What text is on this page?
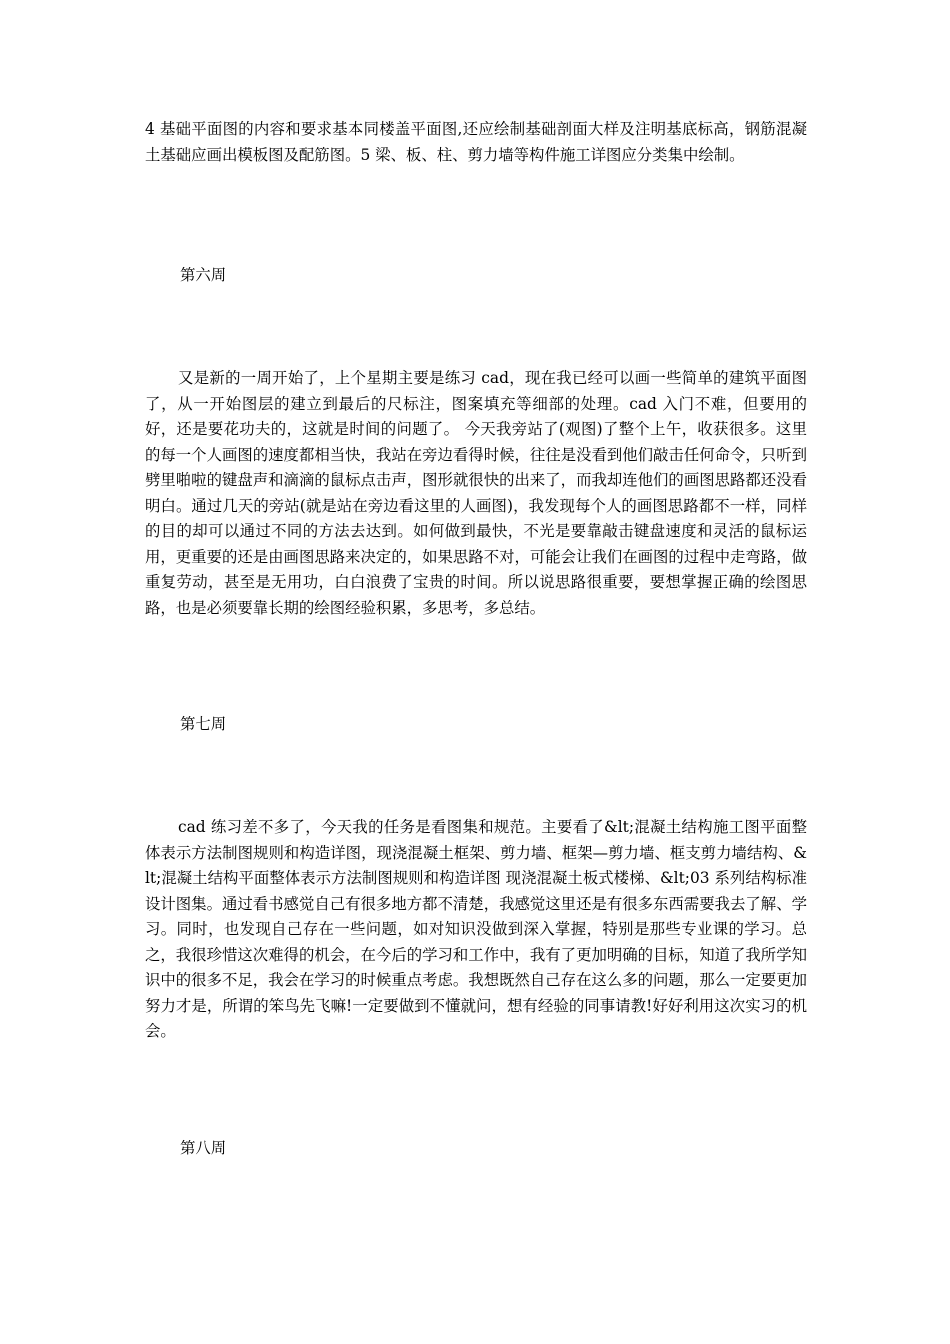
4 基础平面图的内容和要求基本同楼盖平面图,还应绘制基础剖面大样及注明基底标高，钢筋混凝土基础应画出模板图及配筋图。5 梁、板、柱、剪力墙等构件施工详图应分类集中绘制。

第六周

又是新的一周开始了，上个星期主要是练习 cad，现在我已经可以画一些简单的建筑平面图了，从一开始图层的建立到最后的尺标注，图案填充等细部的处理。cad 入门不难，但要用的好，还是要花功夫的，这就是时间的问题了。 今天我旁站了(观图)了整个上午，收获很多。这里的每一个人画图的速度都相当快，我站在旁边看得时候，往往是没看到他们敲击任何命令，只听到劈里啪啦的键盘声和滴滴的鼠标点击声，图形就很快的出来了，而我却连他们的画图思路都还没看明白。通过几天的旁站(就是站在旁边看这里的人画图)，我发现每个人的画图思路都不一样，同样的目的却可以通过不同的方法去达到。如何做到最快，不光是要靠敲击键盘速度和灵活的鼠标运用，更重要的还是由画图思路来决定的，如果思路不对，可能会让我们在画图的过程中走弯路，做重复劳动，甚至是无用功，白白浪费了宝贵的时间。所以说思路很重要，要想掌握正确的绘图思路，也是必须要靠长期的绘图经验积累，多思考，多总结。

第七周

cad 练习差不多了，今天我的任务是看图集和规范。主要看了&lt;混凝土结构施工图平面整体表示方法制图规则和构造详图，现浇混凝土框架、剪力墙、框架—剪力墙、框支剪力墙结构、&lt;混凝土结构平面整体表示方法制图规则和构造详图 现浇混凝土板式楼梯、&lt;03 系列结构标准设计图集。通过看书感觉自己有很多地方都不清楚，我感觉这里还是有很多东西需要我去了解、学习。同时，也发现自己存在一些问题，如对知识没做到深入掌握，特别是那些专业课的学习。总之，我很珍惜这次难得的机会，在今后的学习和工作中，我有了更加明确的目标，知道了我所学知识中的很多不足，我会在学习的时候重点考虑。我想既然自己存在这么多的问题，那么一定要更加努力才是，所谓的笨鸟先飞嘛!一定要做到不懂就问，想有经验的同事请教!好好利用这次实习的机会。

第八周
